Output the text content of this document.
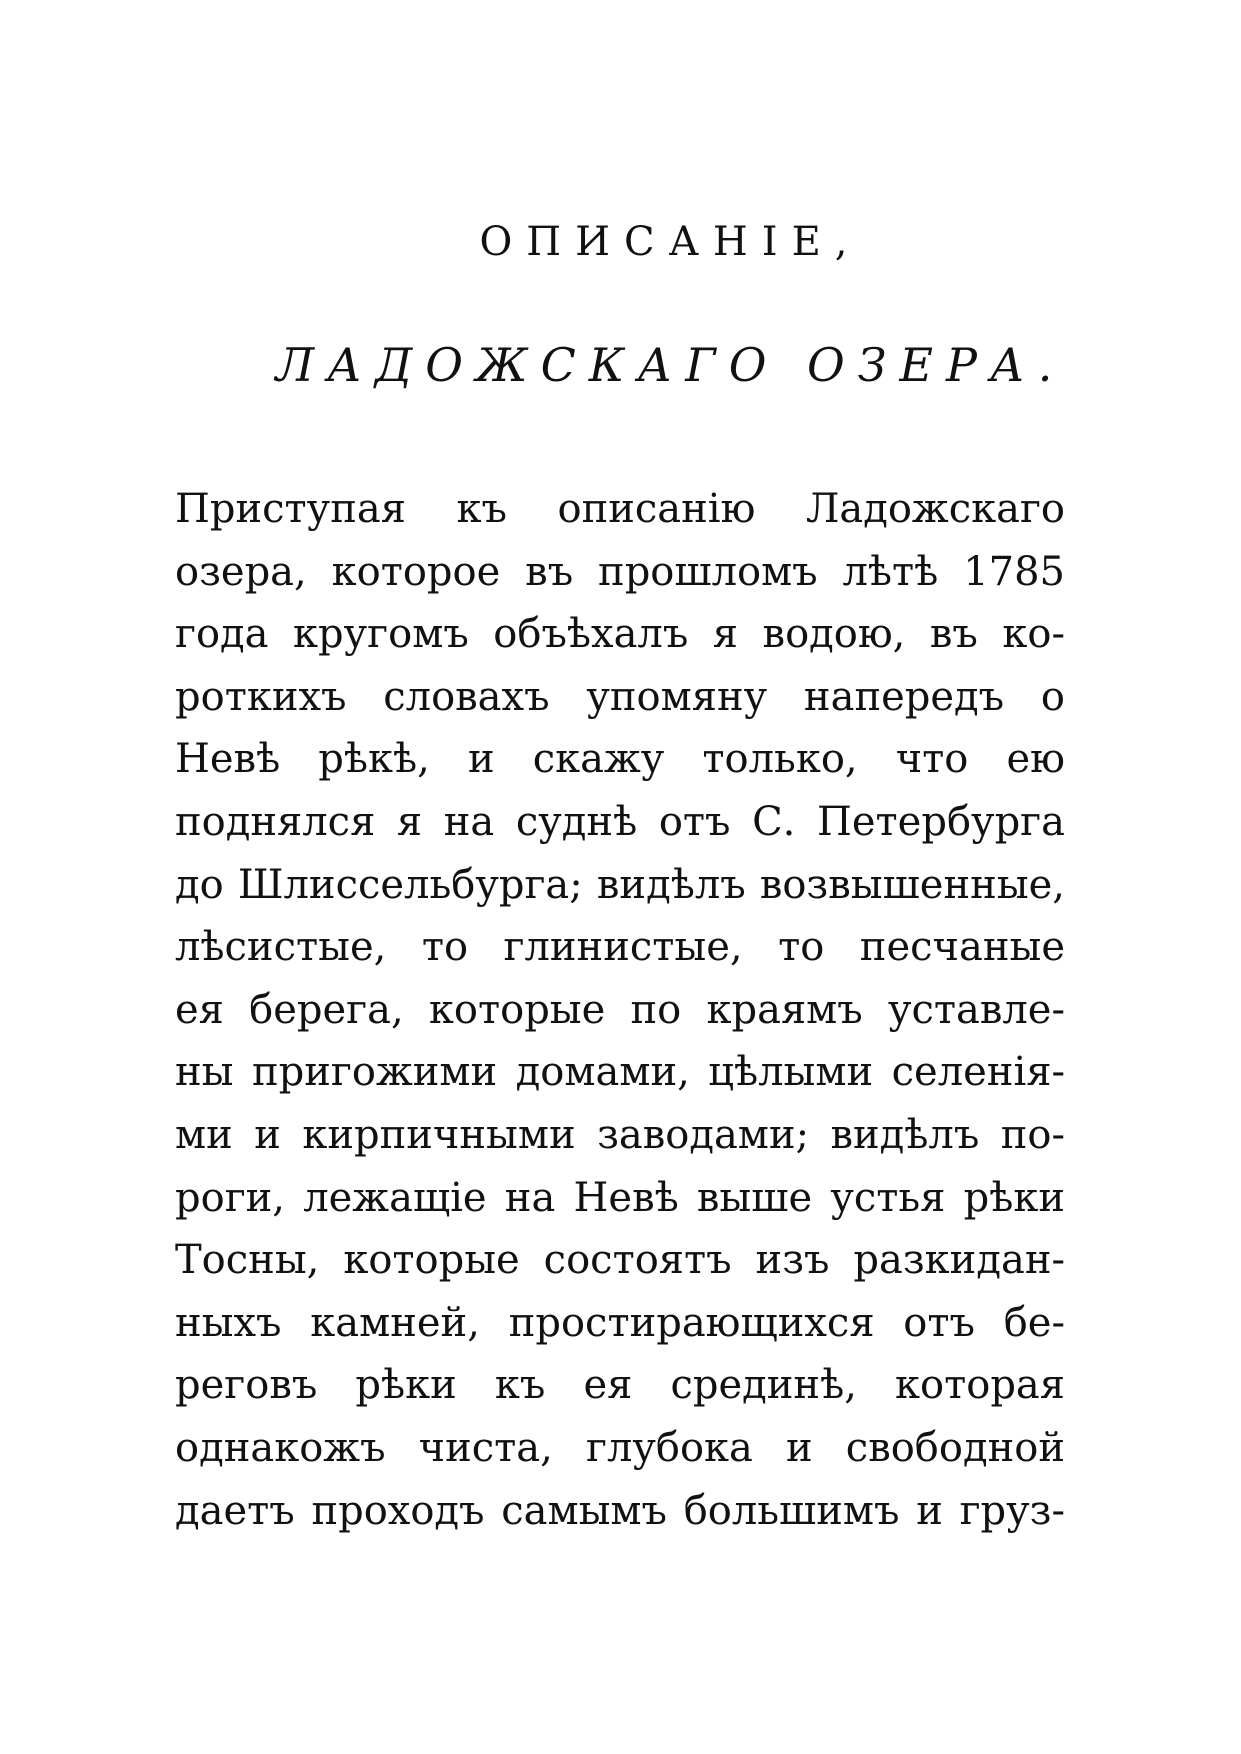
ОПИСАНІЕ,
ЛАДОЖСКАГО ОЗЕРА.
Приступая къ описанію Ладожскаго
озера, которое въ прошломъ лѣтѣ 1785
года кругомъ объѣхалъ я водою, въ ко-
роткихъ словахъ упомяну напередъ о
Невѣ рѣкѣ, и скажу только, что ею
поднялся я на суднѣ отъ С. Петербурга
до Шлиссельбурга; видѣлъ возвышенные,
лѣсистые, то глинистые, то песчаные
ея берега, которые по краямъ уставле-
ны пригожими домами, цѣлыми селенія-
ми и кирпичными заводами; видѣлъ по-
роги, лежащіе на Невѣ выше устья рѣки
Тосны, которые состоятъ изъ разкидан-
ныхъ камней, простирающихся отъ бе-
реговъ рѣки къ ея срединѣ, которая
однакожъ чиста, глубока и свободной
даетъ проходъ самымъ большимъ и груз-
